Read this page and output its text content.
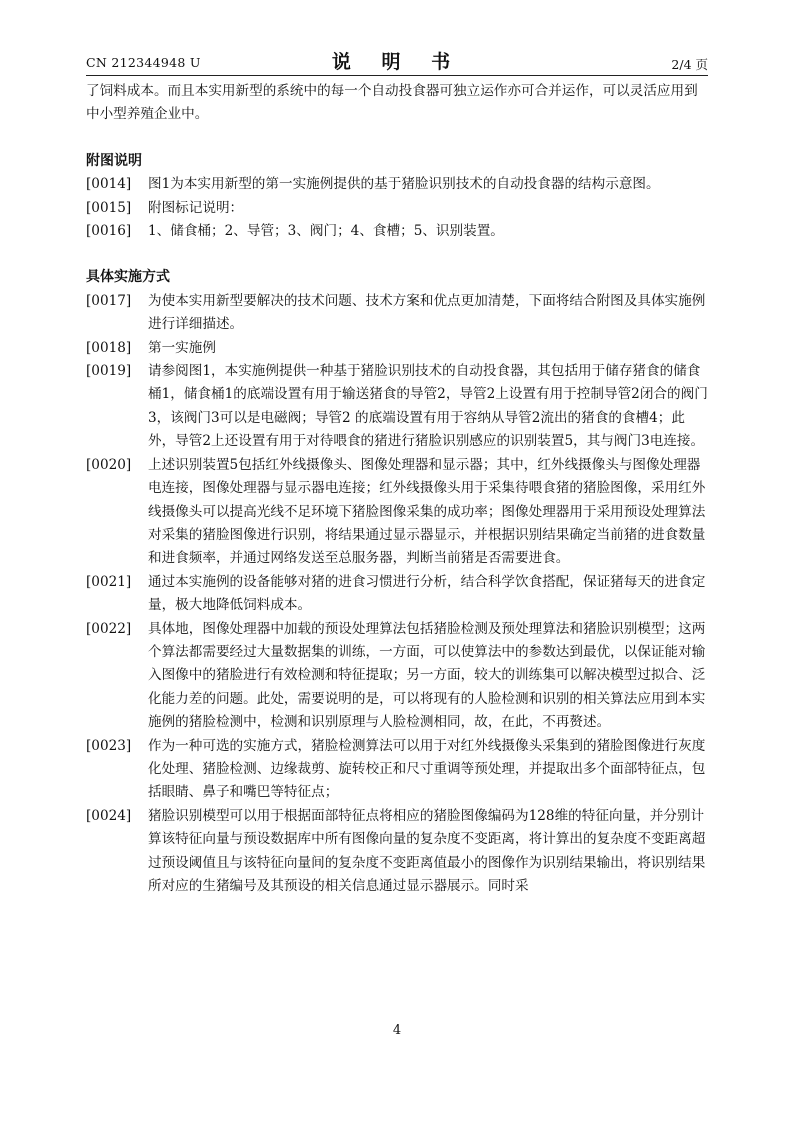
CN 212344948 U	说 明 书	2/4 页

了饲料成本。而且本实用新型的系统中的每一个自动投食器可独立运作亦可合并运作，可以灵活应用到中小型养殖企业中。

附图说明

[0014]	图1为本实用新型的第一实施例提供的基于猪脸识别技术的自动投食器的结构示意图。
[0015]	附图标记说明：
[0016]	1、储食桶；2、导管；3、阀门；4、食槽；5、识别装置。

具体实施方式

[0017]	为使本实用新型要解决的技术问题、技术方案和优点更加清楚，下面将结合附图及具体实施例进行详细描述。
[0018]	第一实施例
[0019]	请参阅图1，本实施例提供一种基于猪脸识别技术的自动投食器，其包括用于储存猪食的储食桶1，储食桶1的底端设置有用于输送猪食的导管2，导管2上设置有用于控制导管2闭合的阀门3，该阀门3可以是电磁阀；导管2 的底端设置有用于容纳从导管2流出的猪食的食槽4；此外，导管2上还设置有用于对待喂食的猪进行猪脸识别感应的识别装置5，其与阀门3电连接。
[0020]	上述识别装置5包括红外线摄像头、图像处理器和显示器；其中，红外线摄像头与图像处理器电连接，图像处理器与显示器电连接；红外线摄像头用于采集待喂食猪的猪脸图像，采用红外线摄像头可以提高光线不足环境下猪脸图像采集的成功率；图像处理器用于采用预设处理算法对采集的猪脸图像进行识别，将结果通过显示器显示，并根据识别结果确定当前猪的进食数量和进食频率，并通过网络发送至总服务器，判断当前猪是否需要进食。
[0021]	通过本实施例的设备能够对猪的进食习惯进行分析，结合科学饮食搭配，保证猪每天的进食定量，极大地降低饲料成本。
[0022]	具体地，图像处理器中加载的预设处理算法包括猪脸检测及预处理算法和猪脸识别模型；这两个算法都需要经过大量数据集的训练，一方面，可以使算法中的参数达到最优，以保证能对输入图像中的猪脸进行有效检测和特征提取；另一方面，较大的训练集可以解决模型过拟合、泛化能力差的问题。此处，需要说明的是，可以将现有的人脸检测和识别的相关算法应用到本实施例的猪脸检测中，检测和识别原理与人脸检测相同，故，在此，不再赘述。
[0023]	作为一种可选的实施方式，猪脸检测算法可以用于对红外线摄像头采集到的猪脸图像进行灰度化处理、猪脸检测、边缘裁剪、旋转校正和尺寸重调等预处理，并提取出多个面部特征点，包括眼睛、鼻子和嘴巴等特征点；
[0024]	猪脸识别模型可以用于根据面部特征点将相应的猪脸图像编码为128维的特征向量，并分别计算该特征向量与预设数据库中所有图像向量的复杂度不变距离，将计算出的复杂度不变距离超过预设阈值且与该特征向量间的复杂度不变距离值最小的图像作为识别结果输出，将识别结果所对应的生猪编号及其预设的相关信息通过显示器展示。同时采
4
